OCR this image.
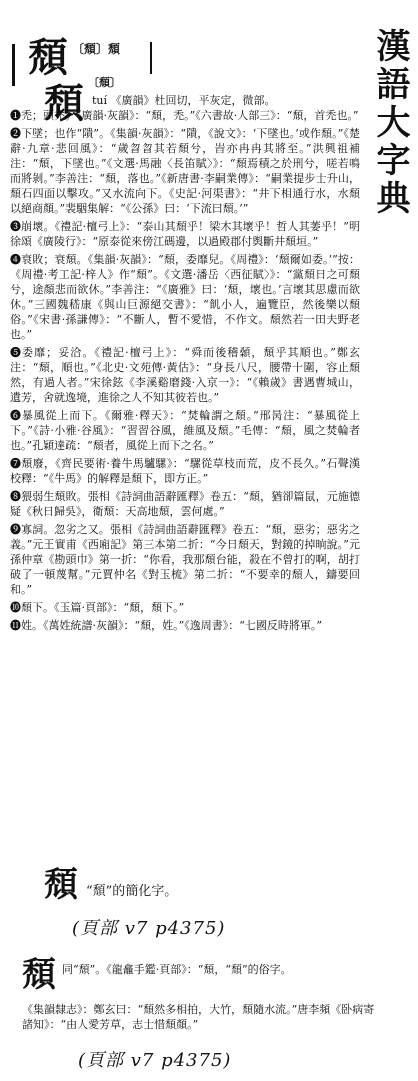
漢語大字典
頹 〔頹〕頹
頹 〔頹〕
tuí 《廣韻》杜回切，平灰定，微部。

❶禿；頭禿。《廣韻·灰韻》：“頹，禿。”《六書故·人部三》：“頹，首禿也。”

❷下墜；也作“隤”。《集韻·灰韻》：“隤，《說文》：‘下墜也。’或作頹。”《楚辭·九章·悲回風》：“歲曶曶其若頹兮，旹亦冉冉其將至。”洪興祖補注：“頹，下墜也。”《文選·馬融〈長笛賦〉》：“頹焉積之於刑兮，嗟若鳴而將剝。”李善注：“頹，落也。”《新唐書·李嗣業傳》：“嗣業提步士升山，頹石四面以擊攻。”又水流向下。《史記·河渠書》：“井下相通行水，水頹以絕商顏。”裴駰集解：“《公孫》曰：‘下流曰頹。’”

❸崩壞。《禮記·檀弓上》：“泰山其頹乎！梁木其壞乎！哲人其萎乎！”明徐頌《廣陵行》：“原泰從來傍江碼邊，以過殿郡付舆斷井頹垣。”

❹衰敗；衰頹。《集韻·灰韻》：“頹，委靡兒。《周禮》：‘頹爾如委。’”按：《周禮·考工記·梓人》作“頹”。《文選·潘岳〈西征賦〉》：“黨頹日之可頹兮，途顏悲而欲休。”李善注：“《廣雅》曰：‘頹，壞也。’言壞其思慮而欲休。”三國魏嵇康《與山巨源絕交書》：“飢小人，遍覽臣，然後樂以頹俗。”《宋書·孫謙傳》：“不斷人，暫不愛惜，不作文。頹然若一田夫野老也。”

❺委靡；妥洽。《禮記·檀弓上》：“舜而後稽顙，頹乎其順也。”鄭玄注：“頹，順也。”《北史·文苑傳·黃估》：“身長八尺，腰帶十圍，容止頹然，有過人者。”宋徐鉉《李溪谿磨錢·入京一》：“《賴歲》書遇曹城山，遺芳，舍就逸境，進徐之人不知其彼若也。”

❻暴風從上而下。《爾雅·釋天》：“焚輪謂之頹。”邢昺注：“暴風從上下。”《詩·小雅·谷風》：“習習谷風，維風及頹。”毛傳：“頹，風之焚輪者也。”孔穎達疏：“頹者，風從上而下之名。”

❼頹廢，《齊民要術·養牛馬驢騾》：“騾從草枝而荒，皮不長久。”石聲漢校釋：“《牛馬》的解釋是頹下，即方正。”

❽猥弱生頹敗。張相《詩詞曲語辭匯釋》卷五：“頹，猶卻篇鼠，元施德疑《秋日歸吳》，衛頹：天高地頹，雲何處。”

❾寡詞。忽劣之又。張相《詩詞曲語辭匯釋》卷五：“頹，惡劣；惡劣之義。”元王實甫《西廂記》第三本第二折：“今日頹天，對鏡的掉晌說。”元孫仲章《勘頭巾》第一折：“你看，我那頹台能，殺在不曾打的啊，胡打破了一頓蔑幫。”元賈仲名《對玉梳》第二折：“不要幸的頹人，鑄要回和。”

❿頹下。《玉篇·頁部》：“頹，頹下。”

⓫姓。《萬姓統譜·灰韻》：“頹，姓。”《逸周書》：“七國反時將軍。”

頹 “頹”的簡化字。
(頁部 v7 p4375)
頹 同“頹”。《龍龕手鑑·頁部》：“頹，“頹”的俗字。
《集韻隸志》：鄭玄曰：“頹然多相拍，大竹，頹隨水流。”唐李頻《卧病寄諸知》：“由人愛芳草，志士惜頹顏。”
(頁部 v7 p4375)
